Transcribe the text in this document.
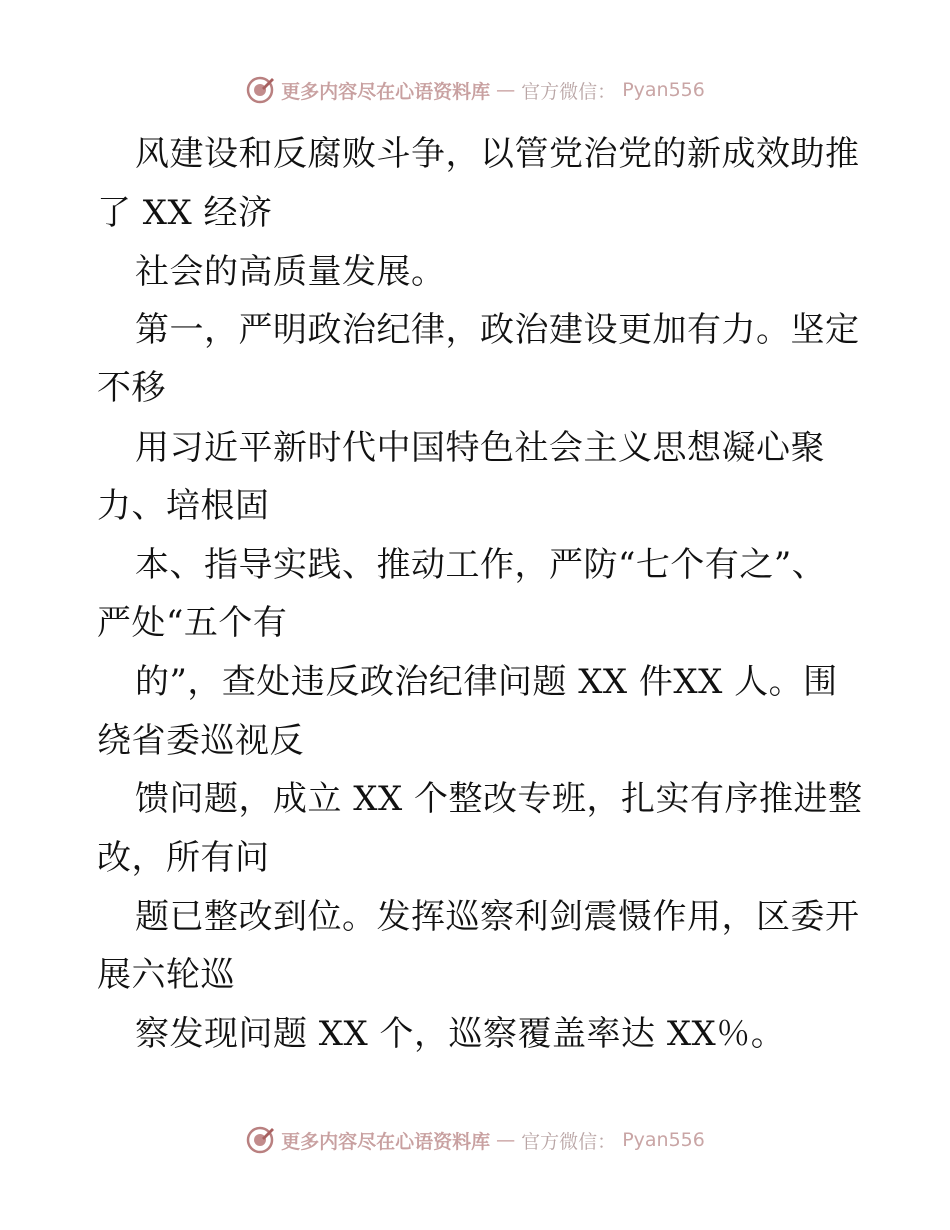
更多内容尽在心语资料库 — 官方微信： Pyan556
风建设和反腐败斗争，以管党治党的新成效助推
了 XX 经济
社会的高质量发展。
第一，严明政治纪律，政治建设更加有力。坚定
不移
用习近平新时代中国特色社会主义思想凝心聚
力、培根固
本、指导实践、推动工作，严防“七个有之”、
严处“五个有
的”，查处违反政治纪律问题 XX 件XX 人。围
绕省委巡视反
馈问题，成立 XX 个整改专班，扎实有序推进整
改，所有问
题已整改到位。发挥巡察利剑震慑作用，区委开
展六轮巡
察发现问题 XX 个，巡察覆盖率达 XX％。
更多内容尽在心语资料库 — 官方微信： Pyan556
